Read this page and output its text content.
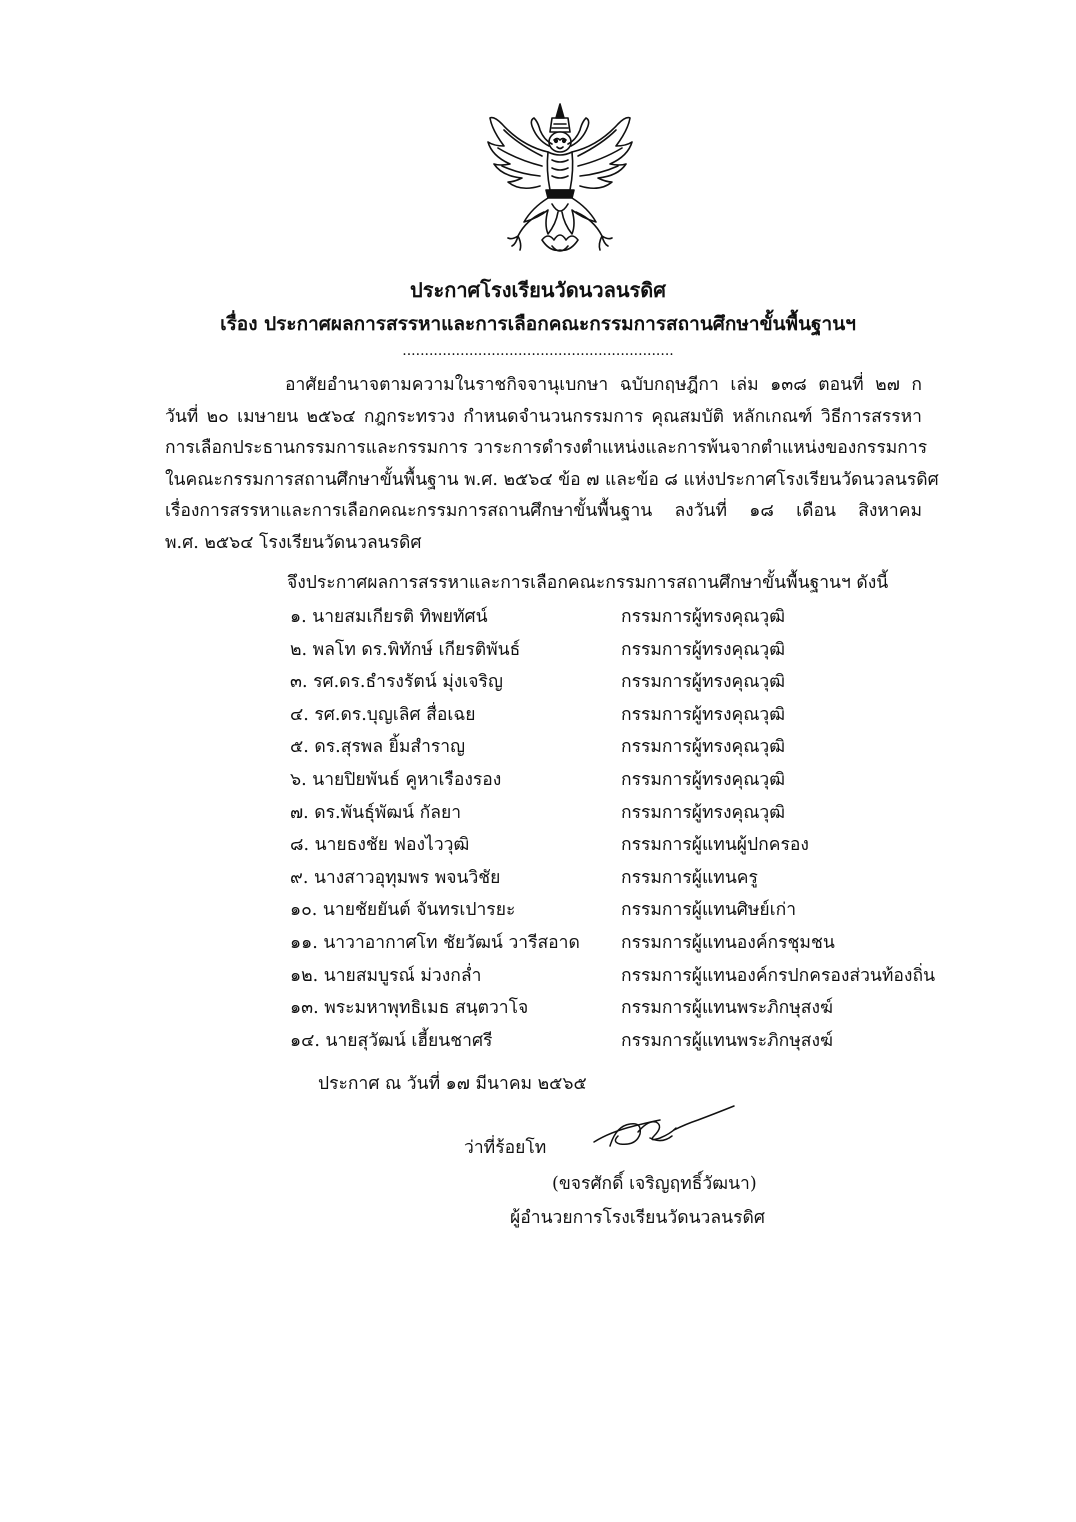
ประกาศโรงเรียนวัดนวลนรดิศ
เรื่อง ประกาศผลการสรรหาและการเลือกคณะกรรมการสถานศึกษาขั้นพื้นฐานฯ
.............................................................
อาศัยอำนาจตามความในราชกิจจานุเบกษา ฉบับกฤษฎีกา เล่ม ๑๓๘ ตอนที่ ๒๗ ก
วันที่ ๒๐ เมษายน ๒๕๖๔ กฎกระทรวง กำหนดจำนวนกรรมการ คุณสมบัติ หลักเกณฑ์ วิธีการสรรหา
การเลือกประธานกรรมการและกรรมการ วาระการดำรงตำแหน่งและการพ้นจากตำแหน่งของกรรมการ
ในคณะกรรมการสถานศึกษาขั้นพื้นฐาน พ.ศ. ๒๕๖๔ ข้อ ๗ และข้อ ๘ แห่งประกาศโรงเรียนวัดนวลนรดิศ
เรื่องการสรรหาและการเลือกคณะกรรมการสถานศึกษาขั้นพื้นฐาน ลงวันที่ ๑๘ เดือน สิงหาคม
พ.ศ. ๒๕๖๔ โรงเรียนวัดนวลนรดิศ
จึงประกาศผลการสรรหาและการเลือกคณะกรรมการสถานศึกษาขั้นพื้นฐานฯ ดังนี้
๑. นายสมเกียรติ ทิพยทัศน์	กรรมการผู้ทรงคุณวุฒิ
๒. พลโท ดร.พิทักษ์ เกียรติพันธ์	กรรมการผู้ทรงคุณวุฒิ
๓. รศ.ดร.ธำรงรัตน์ มุ่งเจริญ	กรรมการผู้ทรงคุณวุฒิ
๔. รศ.ดร.บุญเลิศ สื่อเฉย	กรรมการผู้ทรงคุณวุฒิ
๕. ดร.สุรพล ยิ้มสำราญ	กรรมการผู้ทรงคุณวุฒิ
๖. นายปิยพันธ์ คูหาเรืองรอง	กรรมการผู้ทรงคุณวุฒิ
๗. ดร.พันธุ์พัฒน์ กัลยา	กรรมการผู้ทรงคุณวุฒิ
๘. นายธงชัย ฟองไววุฒิ	กรรมการผู้แทนผู้ปกครอง
๙. นางสาวอุทุมพร พจนวิชัย	กรรมการผู้แทนครู
๑๐. นายชัยยันต์ จันทรเปารยะ	กรรมการผู้แทนศิษย์เก่า
๑๑. นาวาอากาศโท ชัยวัฒน์ วารีสอาด กรรมการผู้แทนองค์กรชุมชน
๑๒. นายสมบูรณ์ ม่วงกล่ำ	กรรมการผู้แทนองค์กรปกครองส่วนท้องถิ่น
๑๓. พระมหาพุทธิเมธ สนฺตวาโจ	กรรมการผู้แทนพระภิกษุสงฆ์
๑๔. นายสุวัฒน์ เฮี้ยนชาศรี	กรรมการผู้แทนพระภิกษุสงฆ์
ประกาศ ณ วันที่ ๑๗ มีนาคม ๒๕๖๕
ว่าที่ร้อยโท
(ขจรศักดิ์ เจริญฤทธิ์วัฒนา)
ผู้อำนวยการโรงเรียนวัดนวลนรดิศ
